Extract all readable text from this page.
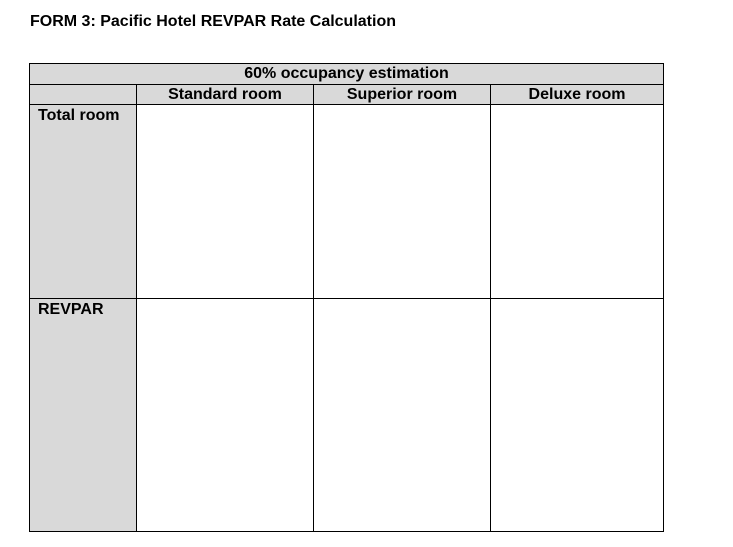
FORM 3: Pacific Hotel REVPAR Rate Calculation
60% occupancy estimation			
	Standard room	Superior room	Deluxe room
Total room			
REVPAR			
